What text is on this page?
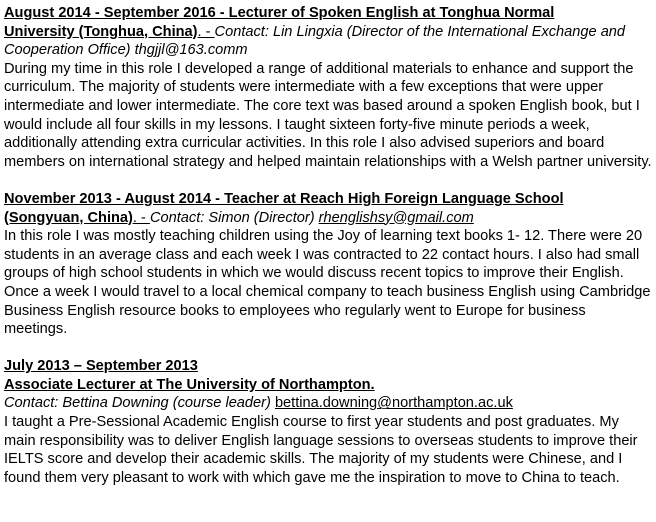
August 2014 - September 2016 - Lecturer of Spoken English at Tonghua Normal
University (Tonghua, China). - Contact: Lin Lingxia (Director of the International Exchange and Cooperation Office) thgjjl@163.comm

During my time in this role I developed a range of additional materials to enhance and support the curriculum. The majority of students were intermediate with a few exceptions that were upper intermediate and lower intermediate. The core text was based around a spoken English book, but I would include all four skills in my lessons. I taught sixteen forty-five minute periods a week, additionally attending extra curricular activities. In this role I also advised superiors and board members on international strategy and helped maintain relationships with a Welsh partner university.

November 2013 - August 2014 - Teacher at Reach High Foreign Language School
(Songyuan, China). - Contact: Simon (Director) rhenglishsy@gmail.com

In this role I was mostly teaching children using the Joy of learning text books 1- 12. There were 20 students in an average class and each week I was contracted to 22 contact hours. I also had small groups of high school students in which we would discuss recent topics to improve their English. Once a week I would travel to a local chemical company to teach business English using Cambridge Business English resource books to employees who regularly went to Europe for business meetings.

July 2013 – September 2013
Associate Lecturer at The University of Northampton.
Contact: Bettina Downing (course leader) bettina.downing@northampton.ac.uk

I taught a Pre-Sessional Academic English course to first year students and post graduates. My main responsibility was to deliver English language sessions to overseas students to improve their IELTS score and develop their academic skills. The majority of my students were Chinese, and I found them very pleasant to work with which gave me the inspiration to move to China to teach.
